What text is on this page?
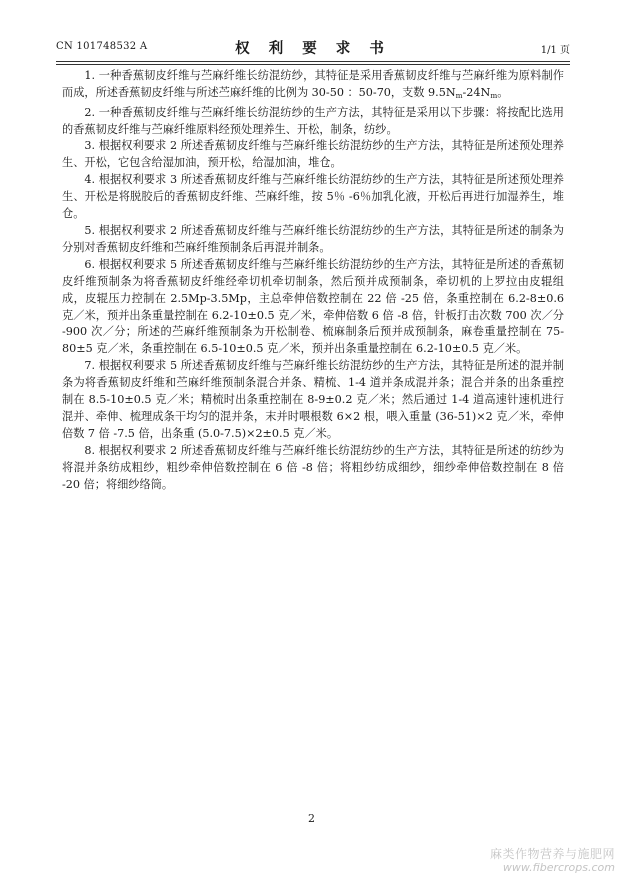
CN 101748532 A	权 利 要 求 书	1/1 页

1. 一种香蕉韧皮纤维与苎麻纤维长纺混纺纱，其特征是采用香蕉韧皮纤维与苎麻纤维为原料制作而成，所述香蕉韧皮纤维与所述苎麻纤维的比例为 30-50 ：50-70，支数 $9.5N_m-24N_m$。

2. 一种香蕉韧皮纤维与苎麻纤维长纺混纺纱的生产方法，其特征是采用以下步骤：将按配比选用的香蕉韧皮纤维与苎麻纤维原料经预处理养生、开松，制条，纺纱。

3. 根据权利要求 2 所述香蕉韧皮纤维与苎麻纤维长纺混纺纱的生产方法，其特征是所述预处理养生、开松，它包含给湿加油，预开松，给湿加油，堆仓。

4. 根据权利要求 3 所述香蕉韧皮纤维与苎麻纤维长纺混纺纱的生产方法，其特征是所述预处理养生、开松是将脱胶后的香蕉韧皮纤维、苎麻纤维，按 5％ -6％加乳化液，开松后再进行加湿养生，堆仓。

5. 根据权利要求 2 所述香蕉韧皮纤维与苎麻纤维长纺混纺纱的生产方法，其特征是所述的制条为分别对香蕉韧皮纤维和苎麻纤维预制条后再混并制条。

6. 根据权利要求 5 所述香蕉韧皮纤维与苎麻纤维长纺混纺纱的生产方法，其特征是所述的香蕉韧皮纤维预制条为将香蕉韧皮纤维经牵切机牵切制条，然后预并成预制条，牵切机的上罗拉由皮辊组成，皮辊压力控制在 2.5Mp-3.5Mp，主总牵伸倍数控制在 22 倍 -25 倍，条重控制在 6.2-8±0.6 克／米，预并出条重量控制在 6.2-10±0.5 克／米，牵伸倍数 6 倍 -8 倍，针板打击次数 700 次／分 -900 次／分；所述的苎麻纤维预制条为开松制卷、梳麻制条后预并成预制条，麻卷重量控制在 75-80±5 克／米，条重控制在 6.5-10±0.5 克／米，预并出条重量控制在 6.2-10±0.5 克／米。

7. 根据权利要求 5 所述香蕉韧皮纤维与苎麻纤维长纺混纺纱的生产方法，其特征是所述的混并制条为将香蕉韧皮纤维和苎麻纤维预制条混合并条、精梳、1-4 道并条成混并条；混合并条的出条重控制在 8.5-10±0.5 克／米；精梳时出条重控制在 8-9±0.2 克／米；然后通过 1-4 道高速针速机进行混并、牵伸、梳理成条干均匀的混并条，末并时喂根数 6×2 根，喂入重量 (36-51)×2 克／米，牵伸倍数 7 倍 -7.5 倍，出条重 (5.0-7.5)×2±0.5 克／米。

8. 根据权利要求 2 所述香蕉韧皮纤维与苎麻纤维长纺混纺纱的生产方法，其特征是所述的纺纱为将混并条纺成粗纱，粗纱牵伸倍数控制在 6 倍 -8 倍；将粗纱纺成细纱，细纱牵伸倍数控制在 8 倍 -20 倍；将细纱络筒。

2
麻类作物营养与施肥网
www.fibercrops.com
